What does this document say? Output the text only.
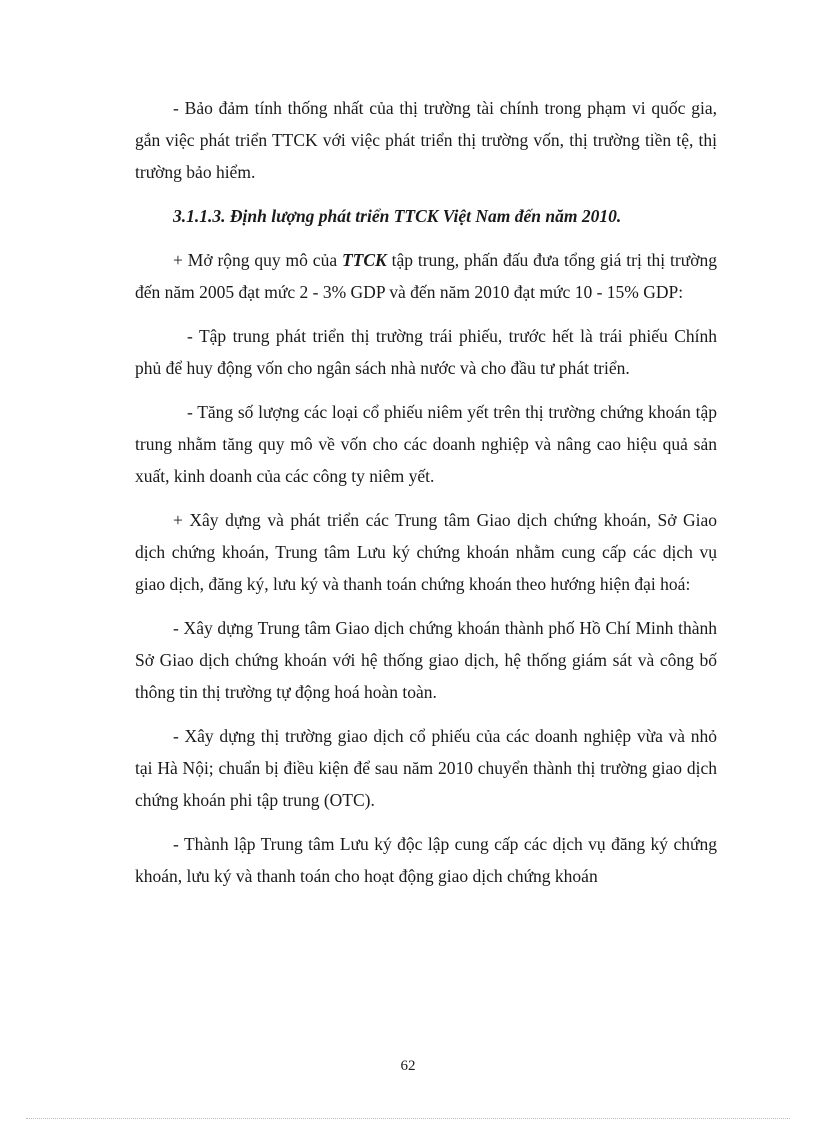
- Bảo đảm tính thống nhất của thị trường tài chính trong phạm vi quốc gia, gắn việc phát triển TTCK với việc phát triển thị trường vốn, thị trường tiền tệ, thị trường bảo hiểm.

3.1.1.3. Định lượng phát triển TTCK Việt Nam đến năm 2010.

+ Mở rộng quy mô của TTCK tập trung, phấn đấu đưa tổng giá trị thị trường đến năm 2005 đạt mức 2 - 3% GDP và đến năm 2010 đạt mức 10 - 15% GDP:

- Tập trung phát triển thị trường trái phiếu, trước hết là trái phiếu Chính phủ để huy động vốn cho ngân sách nhà nước và cho đầu tư phát triển.

- Tăng số lượng các loại cổ phiếu niêm yết trên thị trường chứng khoán tập trung nhằm tăng quy mô về vốn cho các doanh nghiệp và nâng cao hiệu quả sản xuất, kinh doanh của các công ty niêm yết.

+ Xây dựng và phát triển các Trung tâm Giao dịch chứng khoán, Sở Giao dịch chứng khoán, Trung tâm Lưu ký chứng khoán nhằm cung cấp các dịch vụ giao dịch, đăng ký, lưu ký và thanh toán chứng khoán theo hướng hiện đại hoá:

- Xây dựng Trung tâm Giao dịch chứng khoán thành phố Hồ Chí Minh thành Sở Giao dịch chứng khoán với hệ thống giao dịch, hệ thống giám sát và công bố thông tin thị trường tự động hoá hoàn toàn.

- Xây dựng thị trường giao dịch cổ phiếu của các doanh nghiệp vừa và nhỏ tại Hà Nội; chuẩn bị điều kiện để sau năm 2010 chuyển thành thị trường giao dịch chứng khoán phi tập trung (OTC).

- Thành lập Trung tâm Lưu ký độc lập cung cấp các dịch vụ đăng ký chứng khoán, lưu ký và thanh toán cho hoạt động giao dịch chứng khoán

62
